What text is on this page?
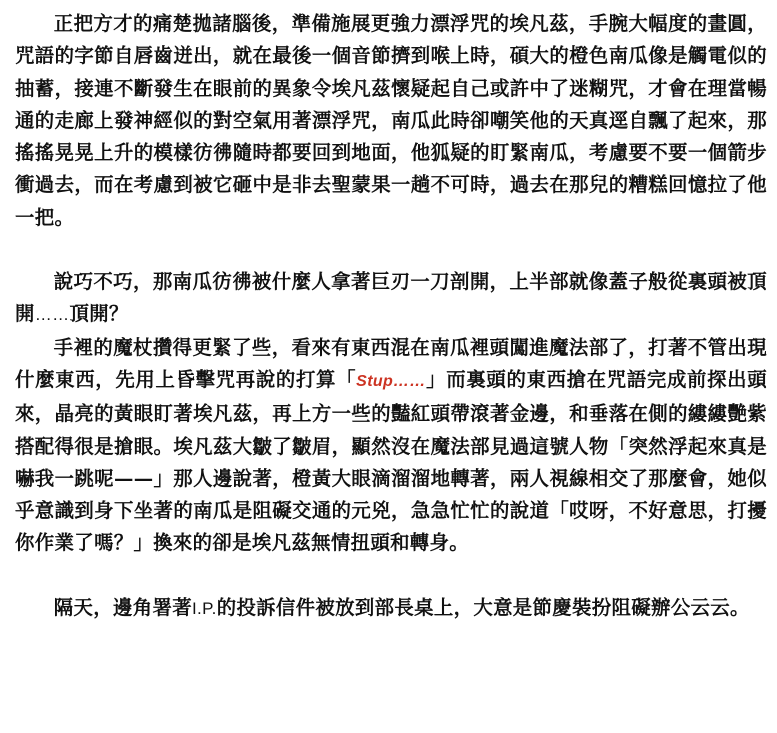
正把方才的痛楚拋諸腦後，準備施展更強力漂浮咒的埃凡茲，手腕大幅度的畫圓，咒語的字節自唇齒迸出，就在最後一個音節擠到喉上時，碩大的橙色南瓜像是觸電似的抽蓄，接連不斷發生在眼前的異象令埃凡茲懷疑起自己或許中了迷糊咒，才會在理當暢通的走廊上發神經似的對空氣用著漂浮咒，南瓜此時卻嘲笑他的天真逕自飄了起來，那搖搖晃晃上升的模樣彷彿隨時都要回到地面，他狐疑的盯緊南瓜，考慮要不要一個箭步衝過去，而在考慮到被它砸中是非去聖蒙果一趟不可時，過去在那兒的糟糕回憶拉了他一把。

說巧不巧，那南瓜彷彿被什麼人拿著巨刃一刀剖開，上半部就像蓋子般從裏頭被頂開……頂開？

手裡的魔杖攢得更緊了些，看來有東西混在南瓜裡頭闖進魔法部了，打著不管出現什麼東西，先用上昏擊咒再說的打算「Stup……」而裏頭的東西搶在咒語完成前探出頭來，晶亮的黃眼盯著埃凡茲，再上方一些的豔紅頭帶滾著金邊，和垂落在側的縷縷艷紫搭配得很是搶眼。埃凡茲大皺了皺眉，顯然沒在魔法部見過這號人物「突然浮起來真是嚇我一跳呢——」那人邊說著，橙黃大眼滴溜溜地轉著，兩人視線相交了那麼會，她似乎意識到身下坐著的南瓜是阻礙交通的元兇，急急忙忙的說道「哎呀，不好意思，打擾你作業了嗎？」換來的卻是埃凡茲無情扭頭和轉身。

隔天，邊角署著I.P.的投訴信件被放到部長桌上，大意是節慶裝扮阻礙辦公云云。
